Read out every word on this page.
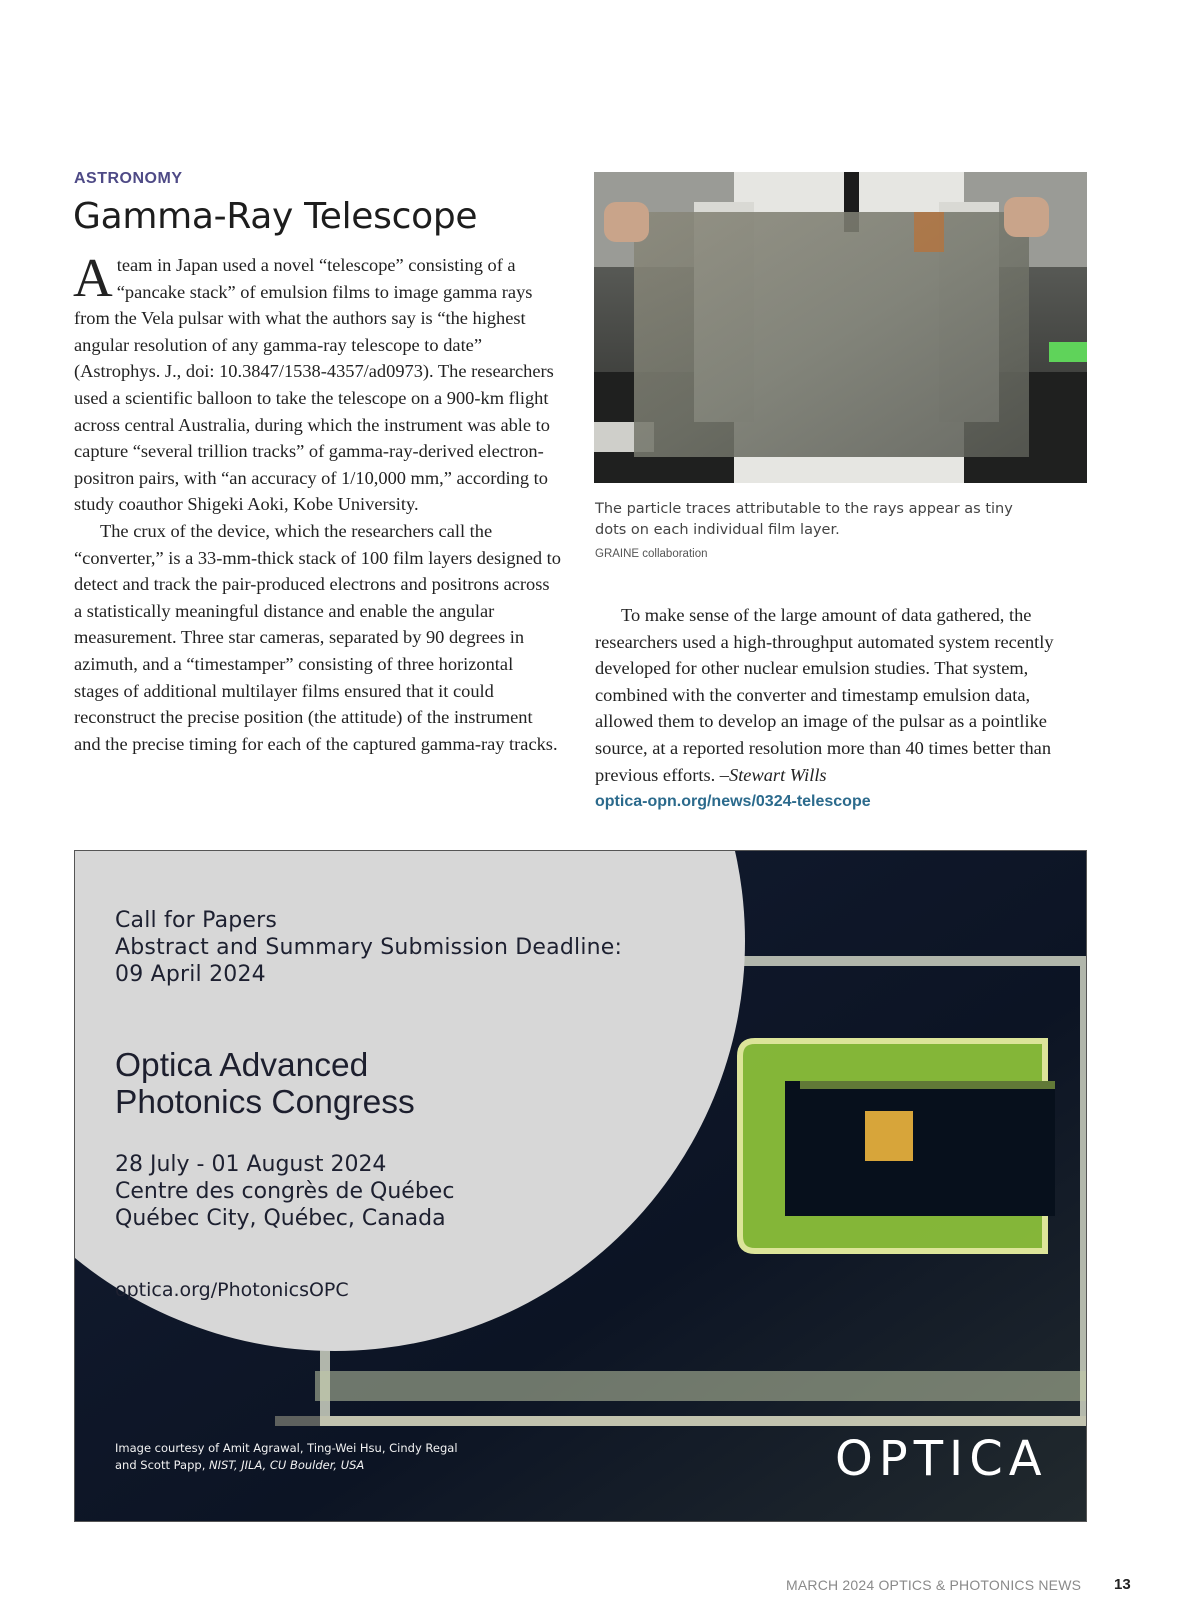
ASTRONOMY
Gamma-Ray Telescope

A team in Japan used a novel “telescope” consisting of a “pancake stack” of emulsion films to image gamma rays from the Vela pulsar with what the authors say is “the highest angular resolution of any gamma-ray telescope to date” (Astrophys. J., doi: 10.3847/1538-4357/ad0973). The researchers used a scientific balloon to take the telescope on a 900-km flight across central Australia, during which the instrument was able to capture “several trillion tracks” of gamma-ray-derived electron-positron pairs, with “an accuracy of 1/10,000 mm,” according to study coauthor Shigeki Aoki, Kobe University.

The crux of the device, which the researchers call the “converter,” is a 33-mm-thick stack of 100 film layers designed to detect and track the pair-produced electrons and positrons across a statistically meaningful distance and enable the angular measurement. Three star cameras, separated by 90 degrees in azimuth, and a “timestamper” consisting of three horizontal stages of additional multilayer films ensured that it could reconstruct the precise position (the attitude) of the instrument and the precise timing for each of the captured gamma-ray tracks.

The particle traces attributable to the rays appear as tiny dots on each individual film layer.
GRAINE collaboration

To make sense of the large amount of data gathered, the researchers used a high-throughput automated system recently developed for other nuclear emulsion studies. That system, combined with the converter and timestamp emulsion data, allowed them to develop an image of the pulsar as a pointlike source, at a reported resolution more than 40 times better than previous efforts. –Stewart Wills

optica-opn.org/news/0324-telescope
Call for Papers
Abstract and Summary Submission Deadline:
09 April 2024
Optica Advanced
Photonics Congress
28 July - 01 August 2024
Centre des congrès de Québec
Québec City, Québec, Canada
optica.org/PhotonicsOPC
Image courtesy of Amit Agrawal, Ting-Wei Hsu, Cindy Regal
and Scott Papp, NIST, JILA, CU Boulder, USA	OPTICA
MARCH 2024 OPTICS & PHOTONICS NEWS 13
